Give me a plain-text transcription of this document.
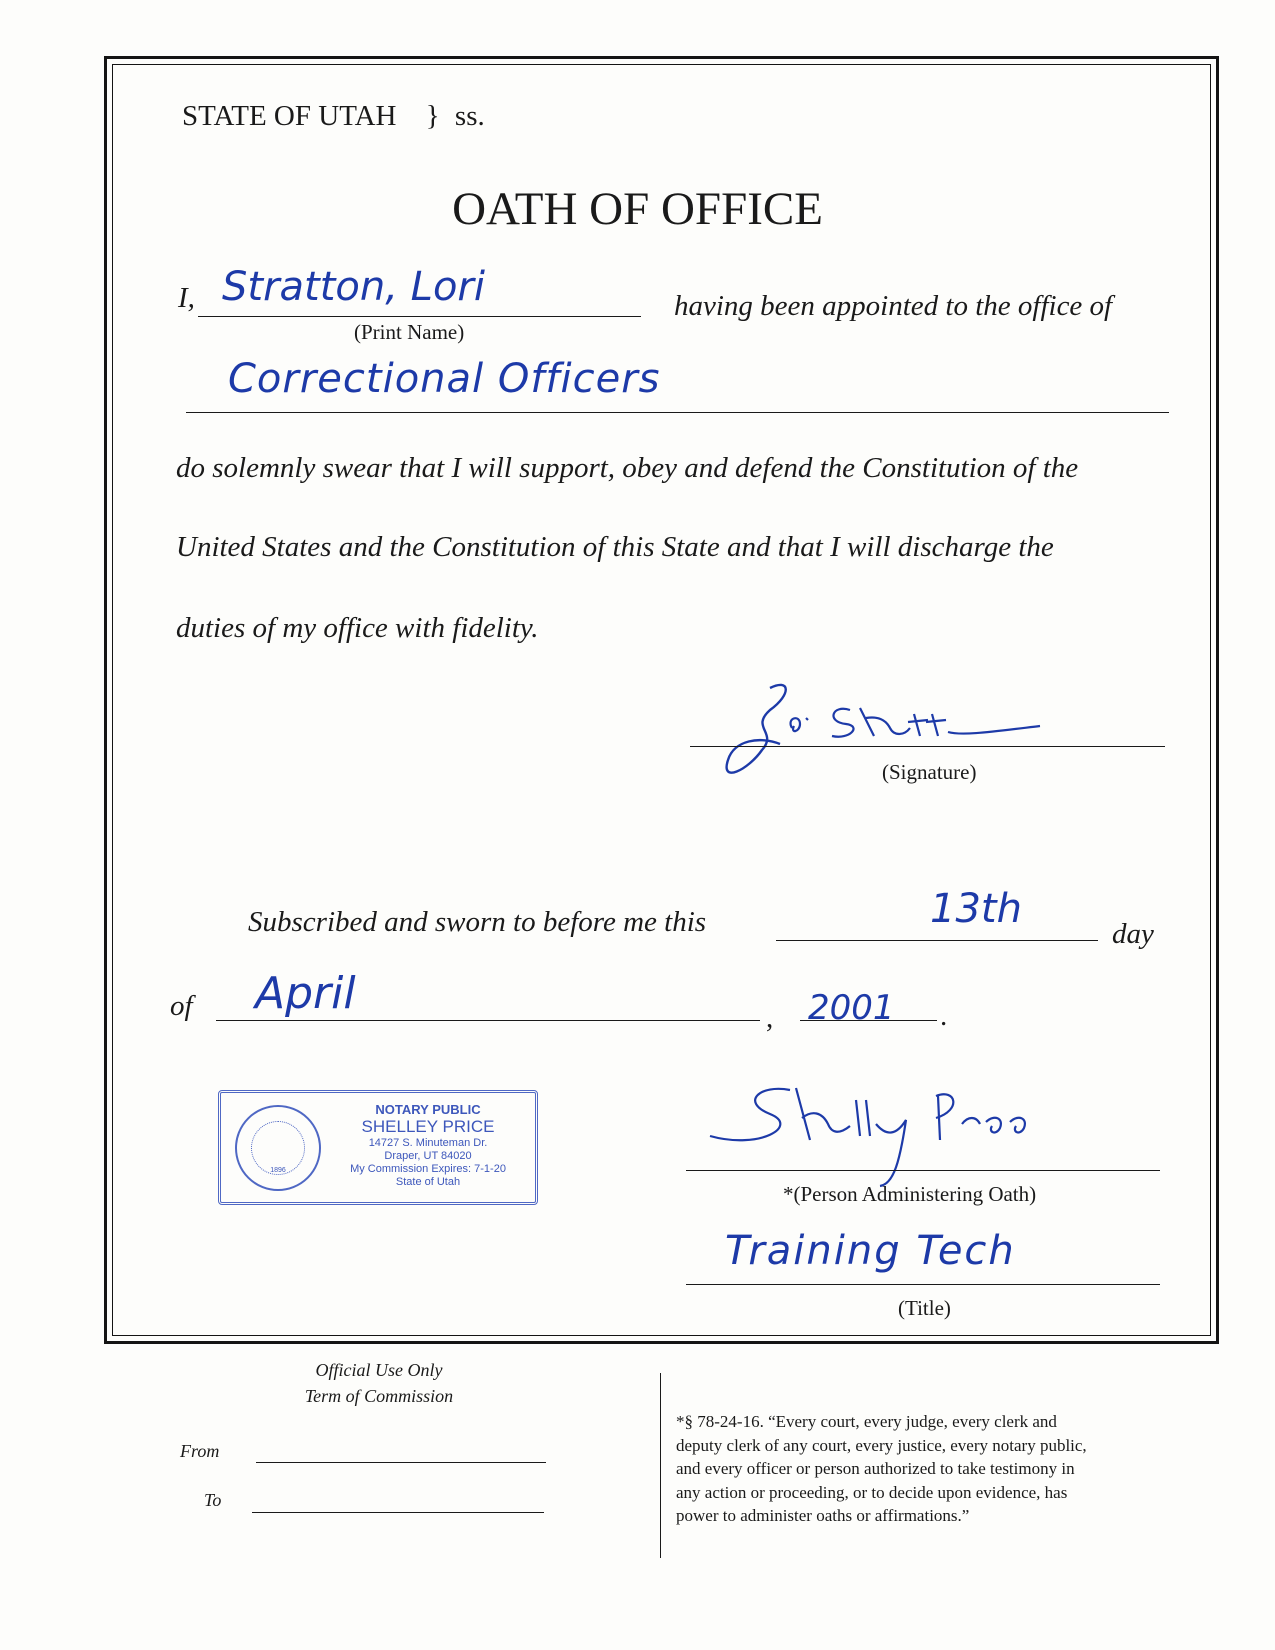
STATE OF UTAH } ss.
OATH OF OFFICE
I, Stratton, Lori
(Print Name)
having been appointed to the office of
Correctional Officers
do solemnly swear that I will support, obey and defend the Constitution of the
United States and the Constitution of this State and that I will discharge the
duties of my office with fidelity.
(Signature)
Subscribed and sworn to before me this	13th
day
of April	, 2001 .
1896
NOTARY PUBLIC
SHELLEY PRICE
14727 S. Minuteman Dr.
Draper, UT 84020
My Commission Expires: 7-1-20
State of Utah	*(Person Administering Oath)
Training Tech
(Title)
Official Use Only
Term of Commission
From
To
*§ 78-24-16. “Every court, every judge, every clerk and
deputy clerk of any court, every justice, every notary public,
and every officer or person authorized to take testimony in
any action or proceeding, or to decide upon evidence, has
power to administer oaths or affirmations.”
